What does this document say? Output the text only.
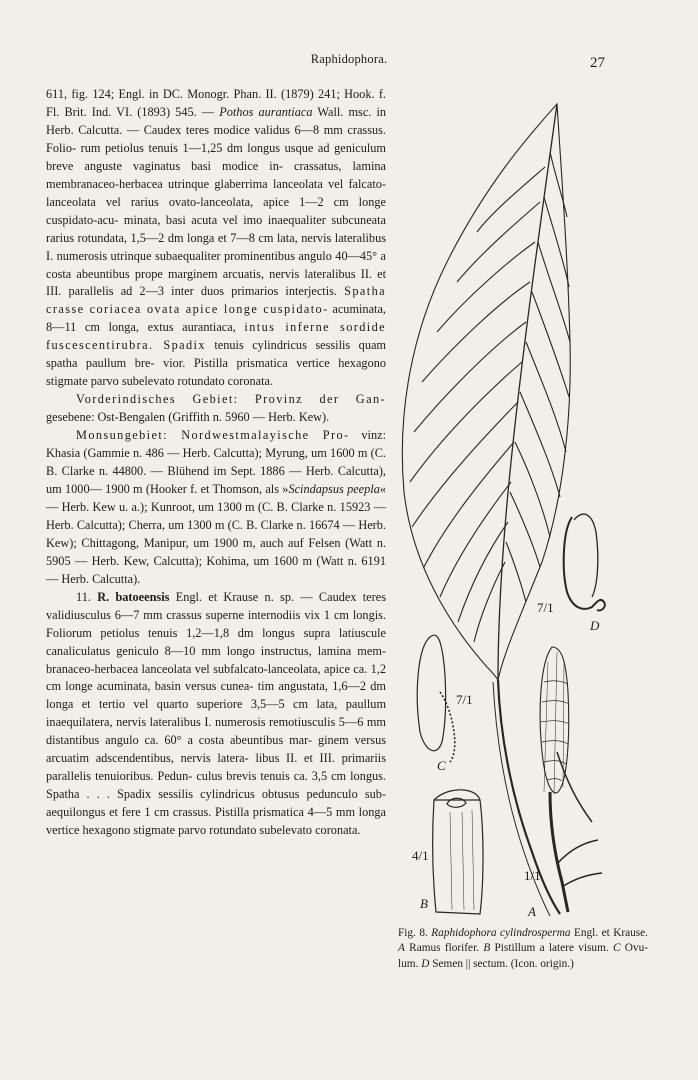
Raphidophora.	27

611, fig. 124; Engl. in DC. Monogr. Phan. II. (1879) 241; Hook. f. Fl. Brit. Ind. VI. (1893) 545. — Pothos aurantiaca Wall. msc. in Herb. Calcutta. — Caudex teres modice validus 6—8 mm crassus. Folio- rum petiolus tenuis 1—1,25 dm longus usque ad geniculum breve anguste vaginatus basi modice in- crassatus, lamina membranaceo-herbacea utrinque glaberrima lanceolata vel falcato-lanceolata vel rarius ovato-lanceolata, apice 1—2 cm longe cuspidato-acu- minata, basi acuta vel imo inaequaliter subcuneata rarius rotundata, 1,5—2 dm longa et 7—8 cm lata, nervis lateralibus I. numerosis utrinque subaequaliter prominentibus angulo 40—45° a costa abeuntibus prope marginem arcuatis, nervis lateralibus II. et III. parallelis ad 2—3 inter duos primarios interjectis. Spatha crasse coriacea ovata apice longe cuspidato- acuminata, 8—11 cm longa, extus aurantiaca, intus inferne sordide fuscescentirubra. Spadix tenuis cylindricus sessilis quam spatha paullum bre- vior. Pistilla prismatica vertice hexagono stigmate parvo subelevato rotundato coronata.

Vorderindisches Gebiet: Provinz der Gan- gesebene: Ost-Bengalen (Griffith n. 5960 — Herb. Kew).

Monsungebiet: Nordwestmalayische Pro- vinz: Khasia (Gammie n. 486 — Herb. Calcutta); Myrung, um 1600 m (C. B. Clarke n. 44800. — Blühend im Sept. 1886 — Herb. Calcutta), um 1000— 1900 m (Hooker f. et Thomson, als »Scindapsus peepla« — Herb. Kew u. a.); Kunroot, um 1300 m (C. B. Clarke n. 15923 — Herb. Calcutta); Cherra, um 1300 m (C. B. Clarke n. 16674 — Herb. Kew); Chittagong, Manipur, um 1900 m, auch auf Felsen (Watt n. 5905 — Herb. Kew, Calcutta); Kohima, um 1600 m (Watt n. 6191 — Herb. Calcutta).

11. R. batoeensis Engl. et Krause n. sp. — Caudex teres validiusculus 6—7 mm crassus superne internodiis vix 1 cm longis. Foliorum petiolus tenuis 1,2—1,8 dm longus supra latiuscule canaliculatus geniculo 8—10 mm longo instructus, lamina mem- branaceo-herbacea lanceolata vel subfalcato-lanceolata, apice ca. 1,2 cm longe acuminata, basin versus cunea- tim angustata, 1,6—2 dm longa et tertio vel quarto superiore 3,5—5 cm lata, paullum inaequilatera, nervis lateralibus I. numerosis remotiusculis 5—6 mm distantibus angulo ca. 60° a costa abeuntibus mar- ginem versus arcuatim adscendentibus, nervis latera- libus II. et III. primariis parallelis tenuioribus. Pedun- culus brevis tenuis ca. 3,5 cm longus. Spatha . . . Spadix sessilis cylindricus obtusus pedunculo sub- aequilongus et fere 1 cm crassus. Pistilla prismatica 4—5 mm longa vertice hexagono stigmate parvo rotundato subelevato coronata.

7/1
D
7/1
C
4/1
B
1/1
A
Fig. 8. Raphidophora cylindrosperma Engl. et Krause. A Ramus florifer. B Pistillum a latere visum. C Ovu- lum. D Semen || sectum. (Icon. origin.)
